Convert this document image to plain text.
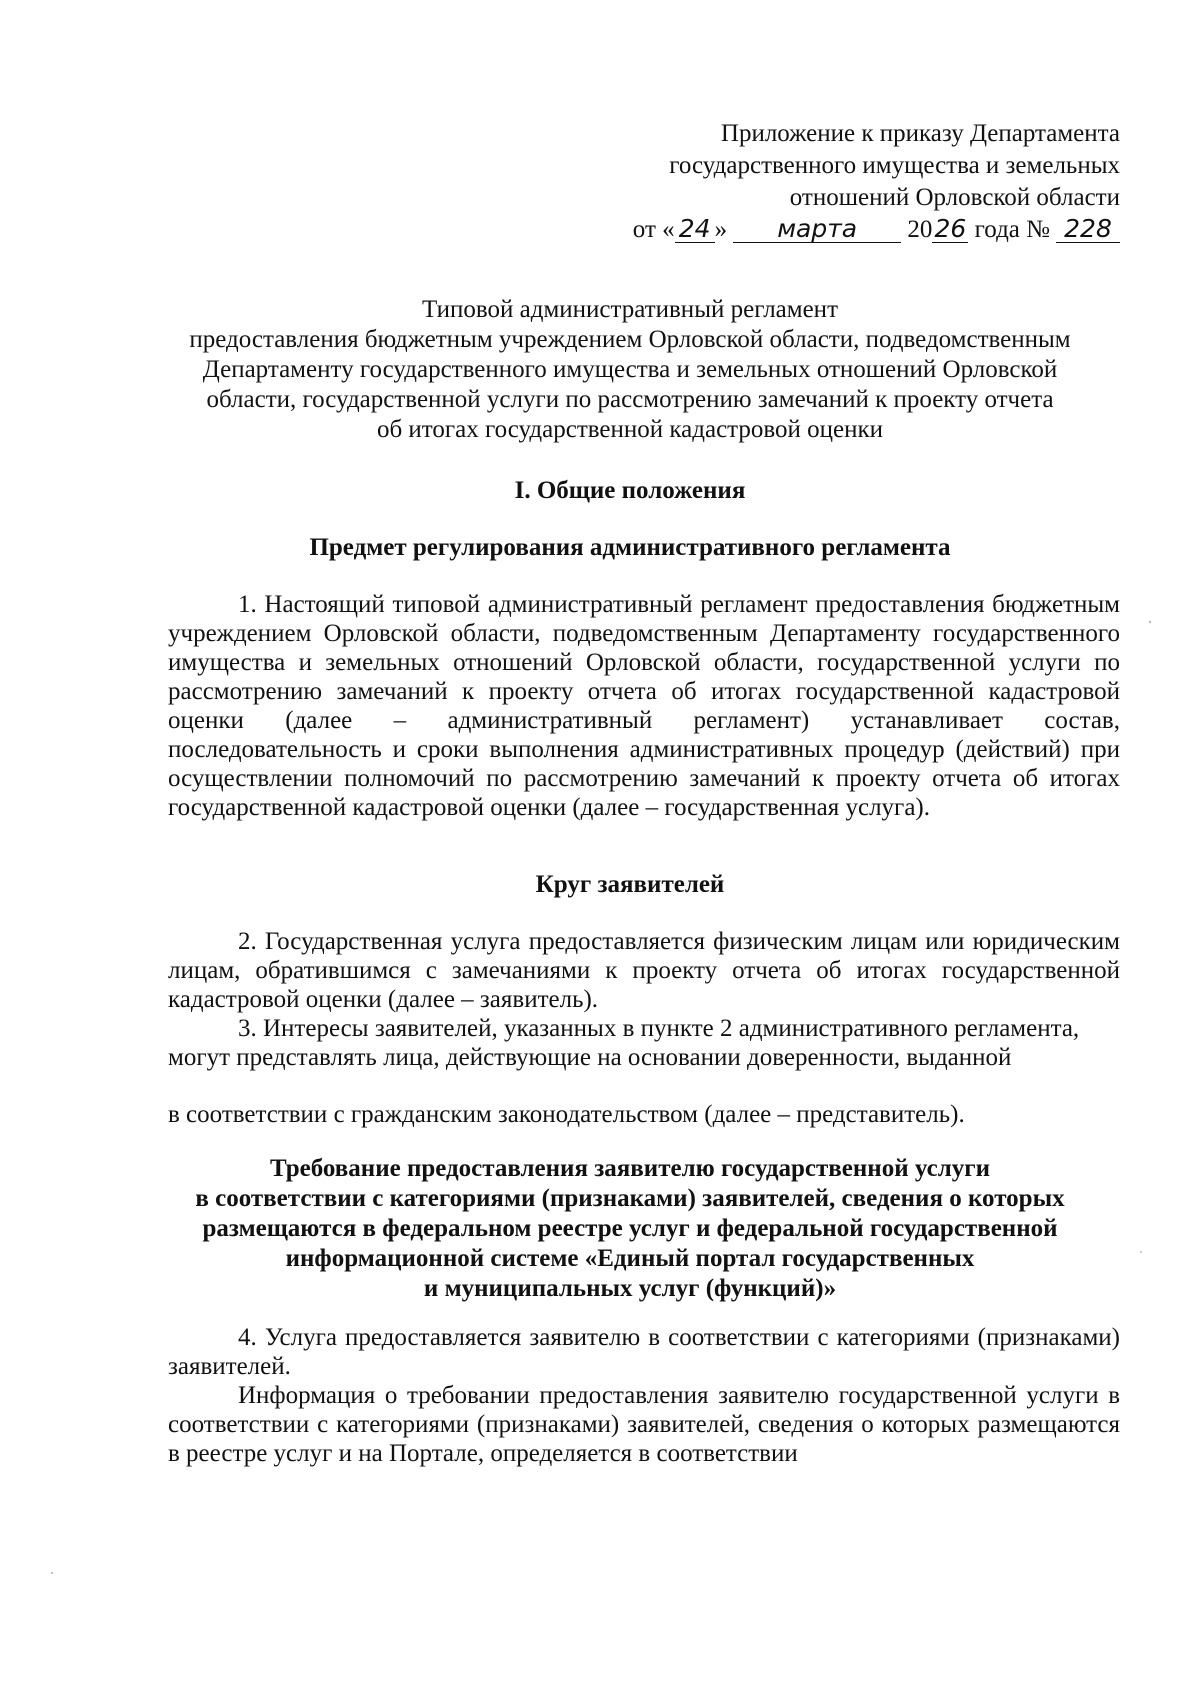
Приложение к приказу Департамента
государственного имущества и земельных
отношений Орловской области
от « 24 » марта 2026 года № 228
Типовой административный регламент
предоставления бюджетным учреждением Орловской области, подведомственным
Департаменту государственного имущества и земельных отношений Орловской
области, государственной услуги по рассмотрению замечаний к проекту отчета
об итогах государственной кадастровой оценки
I. Общие положения
Предмет регулирования административного регламента

1. Настоящий типовой административный регламент предоставления бюджетным учреждением Орловской области, подведомственным Департаменту государственного имущества и земельных отношений Орловской области, государственной услуги по рассмотрению замечаний к проекту отчета об итогах государственной кадастровой оценки (далее – административный регламент) устанавливает состав, последовательность и сроки выполнения административных процедур (действий) при осуществлении полномочий по рассмотрению замечаний к проекту отчета об итогах государственной кадастровой оценки (далее – государственная услуга).

Круг заявителей

2. Государственная услуга предоставляется физическим лицам или юридическим лицам, обратившимся с замечаниями к проекту отчета об итогах государственной кадастровой оценки (далее – заявитель).

3. Интересы заявителей, указанных в пункте 2 административного регламента, могут представлять лица, действующие на основании доверенности, выданной

в соответствии с гражданским законодательством (далее – представитель).

Требование предоставления заявителю государственной услуги
в соответствии с категориями (признаками) заявителей, сведения о которых
размещаются в федеральном реестре услуг и федеральной государственной
информационной системе «Единый портал государственных
и муниципальных услуг (функций)»

4. Услуга предоставляется заявителю в соответствии с категориями (признаками) заявителей.

Информация о требовании предоставления заявителю государственной услуги в соответствии с категориями (признаками) заявителей, сведения о которых размещаются в реестре услуг и на Портале, определяется в соответствии
